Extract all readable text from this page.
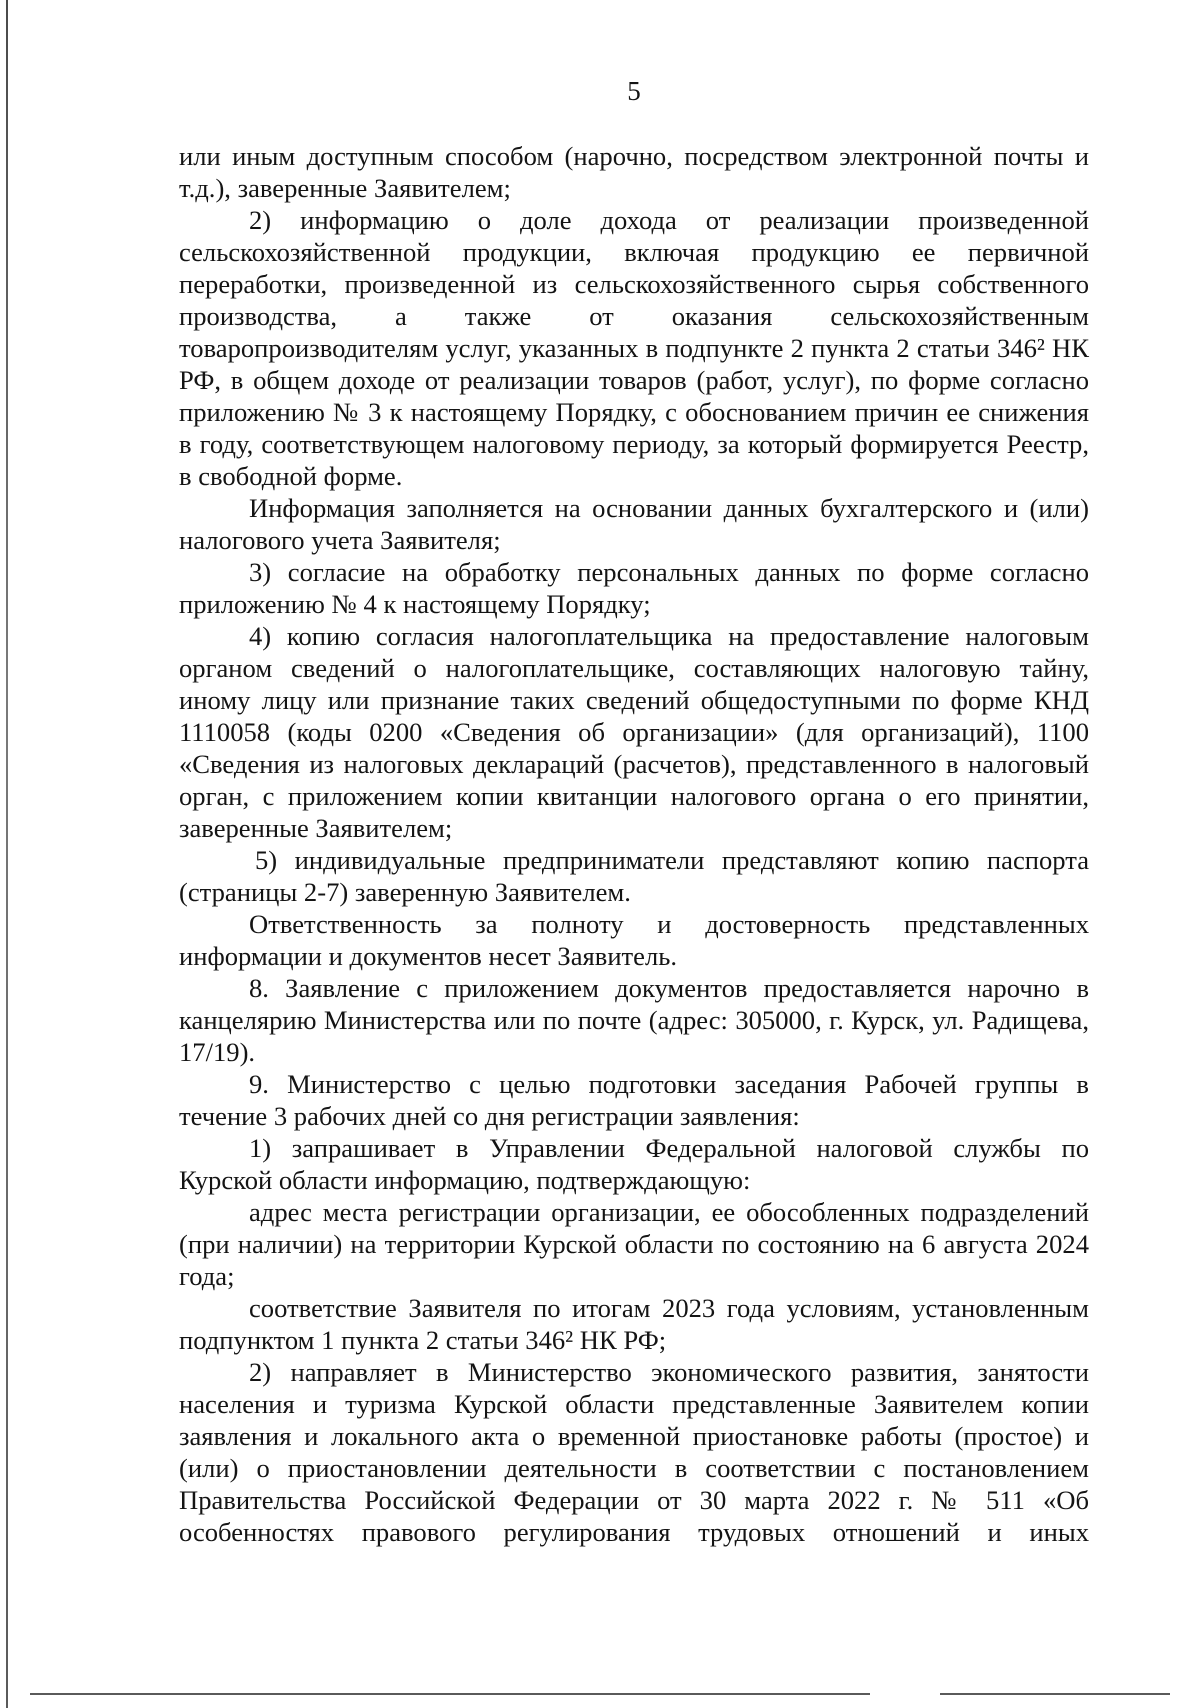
5

или иным доступным способом (нарочно, посредством электронной почты и т.д.), заверенные Заявителем;

2) информацию о доле дохода от реализации произведенной сельскохозяйственной продукции, включая продукцию ее первичной переработки, произведенной из сельскохозяйственного сырья собственного производства, а также от оказания сельскохозяйственным товаропроизводителям услуг, указанных в подпункте 2 пункта 2 статьи 346² НК РФ, в общем доходе от реализации товаров (работ, услуг), по форме согласно приложению № 3 к настоящему Порядку, с обоснованием причин ее снижения в году, соответствующем налоговому периоду, за который формируется Реестр, в свободной форме.

Информация заполняется на основании данных бухгалтерского и (или) налогового учета Заявителя;

3) согласие на обработку персональных данных по форме согласно приложению № 4 к настоящему Порядку;

4) копию согласия налогоплательщика на предоставление налоговым органом сведений о налогоплательщике, составляющих налоговую тайну, иному лицу или признание таких сведений общедоступными по форме КНД 1110058 (коды 0200 «Сведения об организации» (для организаций), 1100 «Сведения из налоговых деклараций (расчетов), представленного в налоговый орган, с приложением копии квитанции налогового органа о его принятии, заверенные Заявителем;

5) индивидуальные предприниматели представляют копию паспорта (страницы 2-7) заверенную Заявителем.

Ответственность за полноту и достоверность представленных информации и документов несет Заявитель.

8. Заявление с приложением документов предоставляется нарочно в канцелярию Министерства или по почте (адрес: 305000, г. Курск, ул. Радищева, 17/19).

9. Министерство с целью подготовки заседания Рабочей группы в течение 3 рабочих дней со дня регистрации заявления:

1) запрашивает в Управлении Федеральной налоговой службы по Курской области информацию, подтверждающую:

адрес места регистрации организации, ее обособленных подразделений (при наличии) на территории Курской области по состоянию на 6 августа 2024 года;

соответствие Заявителя по итогам 2023 года условиям, установленным подпунктом 1 пункта 2 статьи 346² НК РФ;

2) направляет в Министерство экономического развития, занятости населения и туризма Курской области представленные Заявителем копии заявления и локального акта о временной приостановке работы (простое) и (или) о приостановлении деятельности в соответствии с постановлением Правительства Российской Федерации от 30 марта 2022 г. № 511 «Об особенностях правового регулирования трудовых отношений и иных
